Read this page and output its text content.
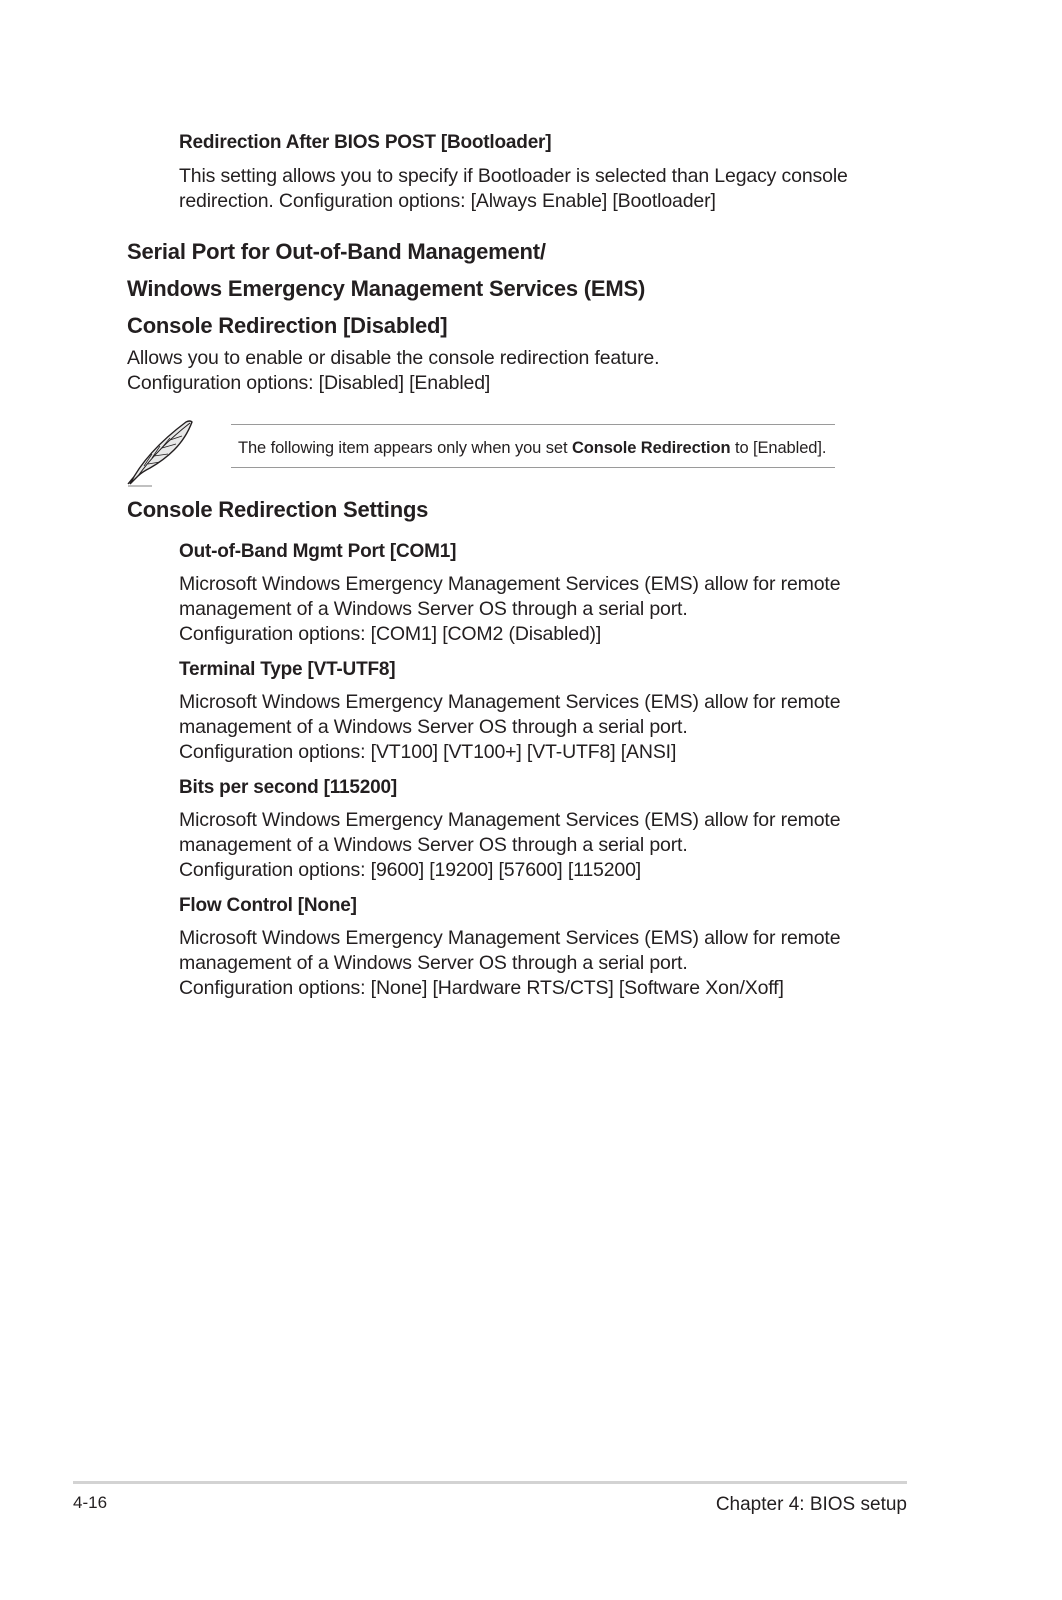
Redirection After BIOS POST [Bootloader]
This setting allows you to specify if Bootloader is selected than Legacy console
redirection. Configuration options: [Always Enable] [Bootloader]
Serial Port for Out-of-Band Management/
Windows Emergency Management Services (EMS)
Console Redirection [Disabled]
Allows you to enable or disable the console redirection feature.
Configuration options: [Disabled] [Enabled]
The following item appears only when you set Console Redirection to [Enabled].
Console Redirection Settings
Out-of-Band Mgmt Port [COM1]
Microsoft Windows Emergency Management Services (EMS) allow for remote
management of a Windows Server OS through a serial port.
Configuration options: [COM1] [COM2 (Disabled)]
Terminal Type [VT-UTF8]
Microsoft Windows Emergency Management Services (EMS) allow for remote
management of a Windows Server OS through a serial port.
Configuration options: [VT100] [VT100+] [VT-UTF8] [ANSI]
Bits per second [115200]
Microsoft Windows Emergency Management Services (EMS) allow for remote
management of a Windows Server OS through a serial port.
Configuration options: [9600] [19200] [57600] [115200]
Flow Control [None]
Microsoft Windows Emergency Management Services (EMS) allow for remote
management of a Windows Server OS through a serial port.
Configuration options: [None] [Hardware RTS/CTS] [Software Xon/Xoff]
4-16	Chapter 4: BIOS setup
